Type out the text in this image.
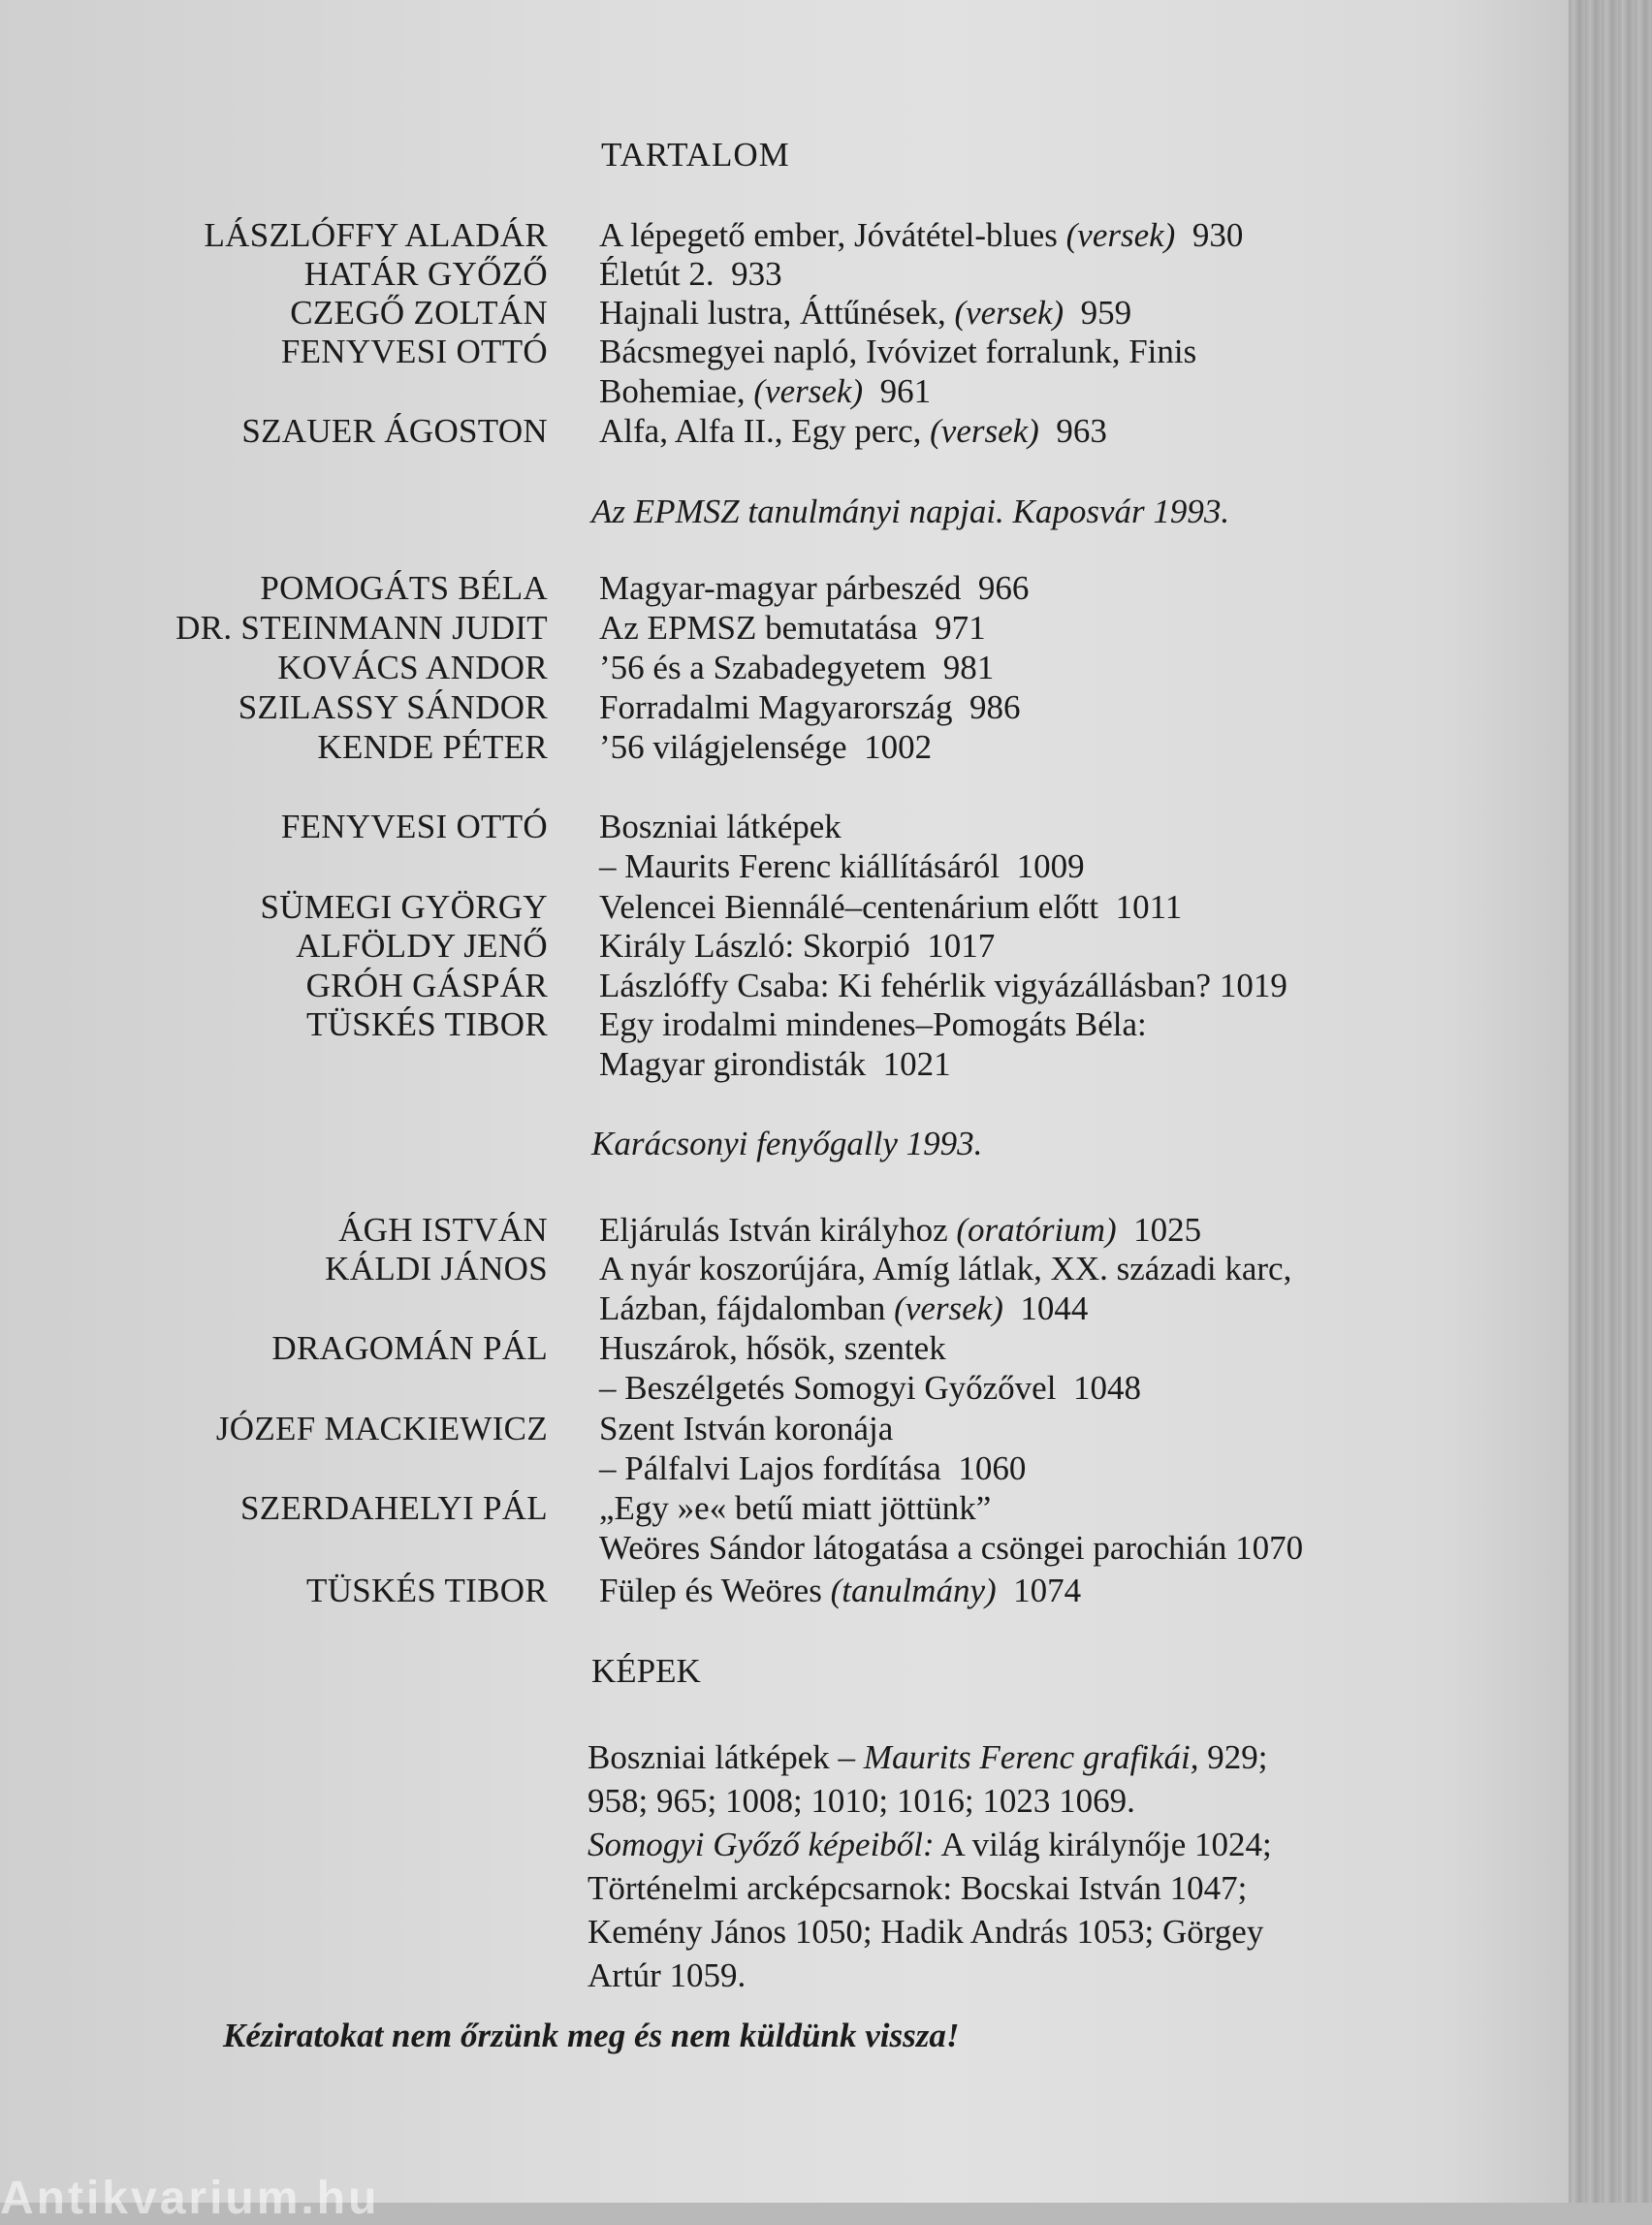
TARTALOM
LÁSZLÓFFY ALADÁR A lépegető ember, Jóvátétel-blues (versek) 930
HATÁR GYŐZŐ Életút 2. 933
CZEGŐ ZOLTÁN Hajnali lustra, Áttűnések, (versek) 959
FENYVESI OTTÓ Bácsmegyei napló, Ivóvizet forralunk, Finis
Bohemiae, (versek) 961
SZAUER ÁGOSTON Alfa, Alfa II., Egy perc, (versek) 963
Az EPMSZ tanulmányi napjai. Kaposvár 1993.
POMOGÁTS BÉLA Magyar-magyar párbeszéd 966
DR. STEINMANN JUDIT Az EPMSZ bemutatása 971
KOVÁCS ANDOR ’56 és a Szabadegyetem 981
SZILASSY SÁNDOR Forradalmi Magyarország 986
KENDE PÉTER ’56 világjelensége 1002
FENYVESI OTTÓ Boszniai látképek
– Maurits Ferenc kiállításáról 1009
SÜMEGI GYÖRGY Velencei Biennálé–centenárium előtt 1011
ALFÖLDY JENŐ Király László: Skorpió 1017
GRÓH GÁSPÁR Lászlóffy Csaba: Ki fehérlik vigyázállásban? 1019
TÜSKÉS TIBOR Egy irodalmi mindenes–Pomogáts Béla:
Magyar girondisták 1021
Karácsonyi fenyőgally 1993.
ÁGH ISTVÁN Eljárulás István királyhoz (oratórium) 1025
KÁLDI JÁNOS A nyár koszorújára, Amíg látlak, XX. századi karc,
Lázban, fájdalomban (versek) 1044
DRAGOMÁN PÁL Huszárok, hősök, szentek
– Beszélgetés Somogyi Győzővel 1048
JÓZEF MACKIEWICZ Szent István koronája
– Pálfalvi Lajos fordítása 1060
SZERDAHELYI PÁL „Egy »e« betű miatt jöttünk”
Weöres Sándor látogatása a csöngei parochián 1070
TÜSKÉS TIBOR Fülep és Weöres (tanulmány) 1074
KÉPEK
Boszniai látképek – Maurits Ferenc grafikái, 929;
958; 965; 1008; 1010; 1016; 1023 1069.
Somogyi Győző képeiből: A világ királynője 1024;
Történelmi arcképcsarnok: Bocskai István 1047;
Kemény János 1050; Hadik András 1053; Görgey
Artúr 1059.
Kéziratokat nem őrzünk meg és nem küldünk vissza!
Antikvarium.hu
